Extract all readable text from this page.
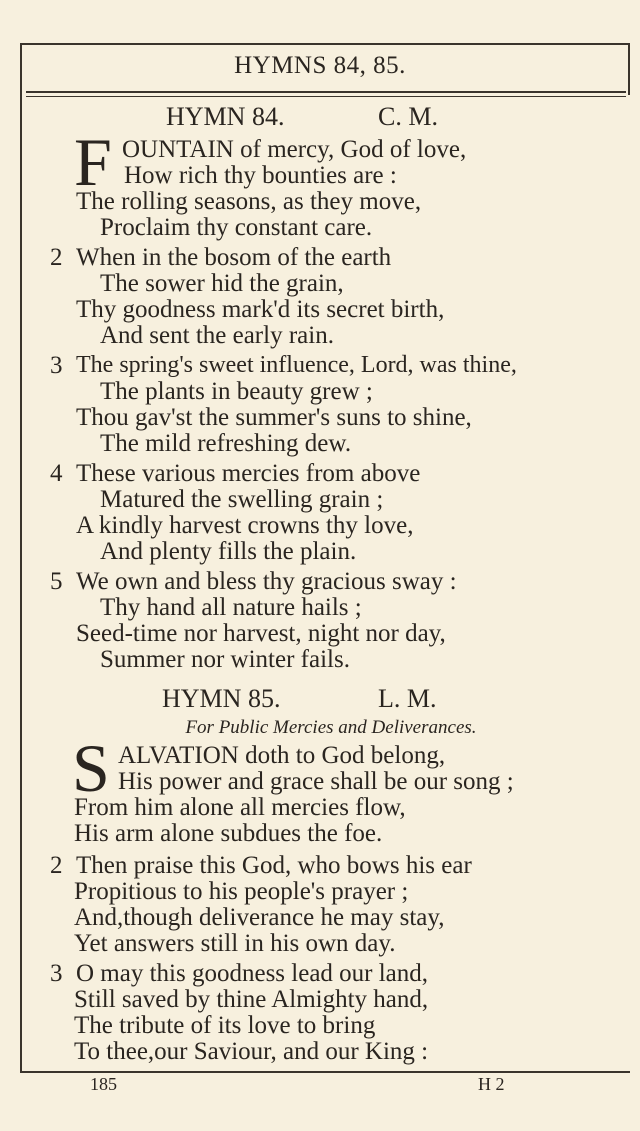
HYMNS 84, 85.
HYMN 84.	C. M.
F OUNTAIN of mercy, God of love,
How rich thy bounties are :
The rolling seasons, as they move,
Proclaim thy constant care.
2 When in the bosom of the earth
The sower hid the grain,
Thy goodness mark'd its secret birth,
And sent the early rain.
3 The spring's sweet influence, Lord, was thine,
The plants in beauty grew ;
Thou gav'st the summer's suns to shine,
The mild refreshing dew.
4 These various mercies from above
Matured the swelling grain ;
A kindly harvest crowns thy love,
And plenty fills the plain.
5 We own and bless thy gracious sway :
Thy hand all nature hails ;
Seed-time nor harvest, night nor day,
Summer nor winter fails.
HYMN 85.	L. M.
For Public Mercies and Deliverances.
S ALVATION doth to God belong,
His power and grace shall be our song ;
From him alone all mercies flow,
His arm alone subdues the foe.
2 Then praise this God, who bows his ear
Propitious to his people's prayer ;
And,though deliverance he may stay,
Yet answers still in his own day.
3 O may this goodness lead our land,
Still saved by thine Almighty hand,
The tribute of its love to bring
To thee,our Saviour, and our King :
185	H 2
